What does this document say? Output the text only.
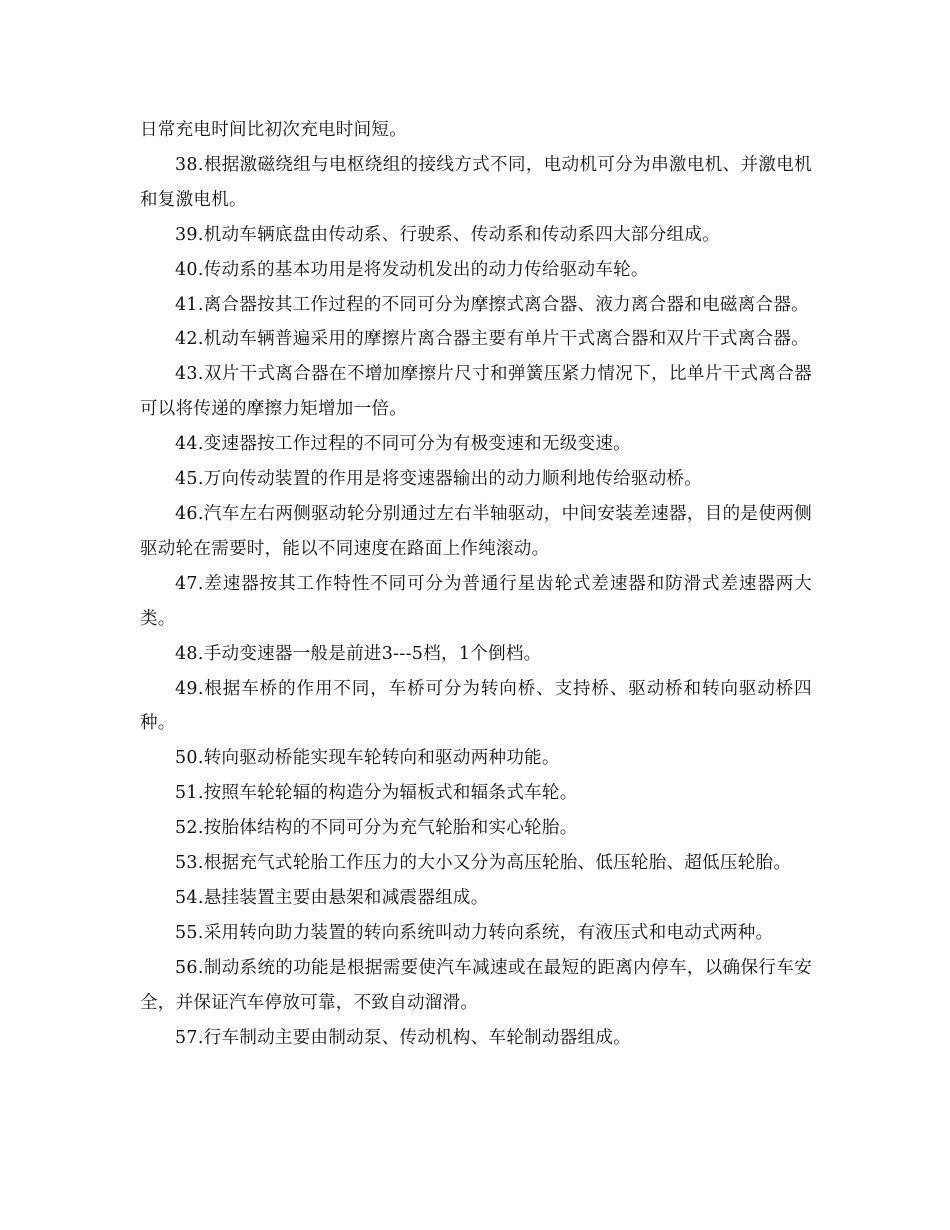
日常充电时间比初次充电时间短。

38.根据激磁绕组与电枢绕组的接线方式不同，电动机可分为串激电机、并激电机和复激电机。

39.机动车辆底盘由传动系、行驶系、传动系和传动系四大部分组成。

40.传动系的基本功用是将发动机发出的动力传给驱动车轮。

41.离合器按其工作过程的不同可分为摩擦式离合器、液力离合器和电磁离合器。

42.机动车辆普遍采用的摩擦片离合器主要有单片干式离合器和双片干式离合器。

43.双片干式离合器在不增加摩擦片尺寸和弹簧压紧力情况下，比单片干式离合器可以将传递的摩擦力矩增加一倍。

44.变速器按工作过程的不同可分为有极变速和无级变速。

45.万向传动装置的作用是将变速器输出的动力顺利地传给驱动桥。

46.汽车左右两侧驱动轮分别通过左右半轴驱动，中间安装差速器，目的是使两侧驱动轮在需要时，能以不同速度在路面上作纯滚动。

47.差速器按其工作特性不同可分为普通行星齿轮式差速器和防滑式差速器两大类。

48.手动变速器一般是前进3---5档，1个倒档。

49.根据车桥的作用不同，车桥可分为转向桥、支持桥、驱动桥和转向驱动桥四种。

50.转向驱动桥能实现车轮转向和驱动两种功能。

51.按照车轮轮辐的构造分为辐板式和辐条式车轮。

52.按胎体结构的不同可分为充气轮胎和实心轮胎。

53.根据充气式轮胎工作压力的大小又分为高压轮胎、低压轮胎、超低压轮胎。

54.悬挂装置主要由悬架和减震器组成。

55.采用转向助力装置的转向系统叫动力转向系统，有液压式和电动式两种。

56.制动系统的功能是根据需要使汽车减速或在最短的距离内停车，以确保行车安全，并保证汽车停放可靠，不致自动溜滑。

57.行车制动主要由制动泵、传动机构、车轮制动器组成。
